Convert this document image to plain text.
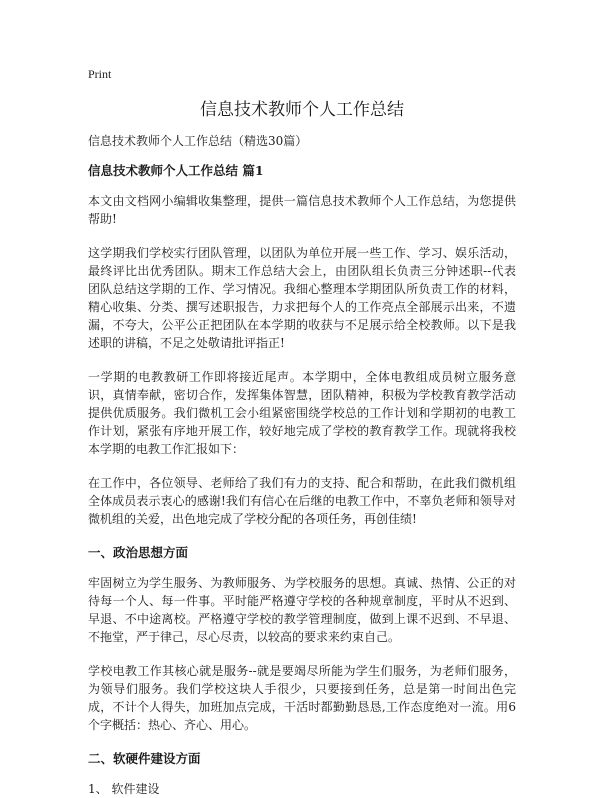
Print
信息技术教师个人工作总结

信息技术教师个人工作总结（精选30篇）

信息技术教师个人工作总结 篇1

本文由文档网小编辑收集整理，提供一篇信息技术教师个人工作总结，为您提供帮助!

这学期我们学校实行团队管理，以团队为单位开展一些工作、学习、娱乐活动，最终评比出优秀团队。期末工作总结大会上，由团队组长负责三分钟述职--代表团队总结这学期的工作、学习情况。我细心整理本学期团队所负责工作的材料，精心收集、分类、撰写述职报告，力求把每个人的工作亮点全部展示出来，不遗漏，不夸大，公平公正把团队在本学期的收获与不足展示给全校教师。以下是我述职的讲稿，不足之处敬请批评指正!

一学期的电教教研工作即将接近尾声。本学期中，全体电教组成员树立服务意识，真情奉献，密切合作，发挥集体智慧，团队精神，积极为学校教育教学活动提供优质服务。我们微机工会小组紧密围绕学校总的工作计划和学期初的电教工作计划，紧张有序地开展工作，较好地完成了学校的教育教学工作。现就将我校本学期的电教工作汇报如下：

在工作中，各位领导、老师给了我们有力的支持、配合和帮助，在此我们微机组全体成员表示衷心的感谢!我们有信心在后继的电教工作中，不辜负老师和领导对微机组的关爱，出色地完成了学校分配的各项任务，再创佳绩!

一、政治思想方面

牢固树立为学生服务、为教师服务、为学校服务的思想。真诚、热情、公正的对待每一个人、每一件事。平时能严格遵守学校的各种规章制度，平时从不迟到、早退、不中途离校。严格遵守学校的教学管理制度，做到上课不迟到、不早退、不拖堂，严于律己，尽心尽责，以较高的要求来约束自己。

学校电教工作其核心就是服务--就是要竭尽所能为学生们服务，为老师们服务，为领导们服务。我们学校这块人手很少，只要接到任务，总是第一时间出色完成，不计个人得失，加班加点完成，干活时都勤勤恳恳,工作态度绝对一流。用6个字概括：热心、齐心、用心。

二、软硬件建设方面

1、 软件建设
